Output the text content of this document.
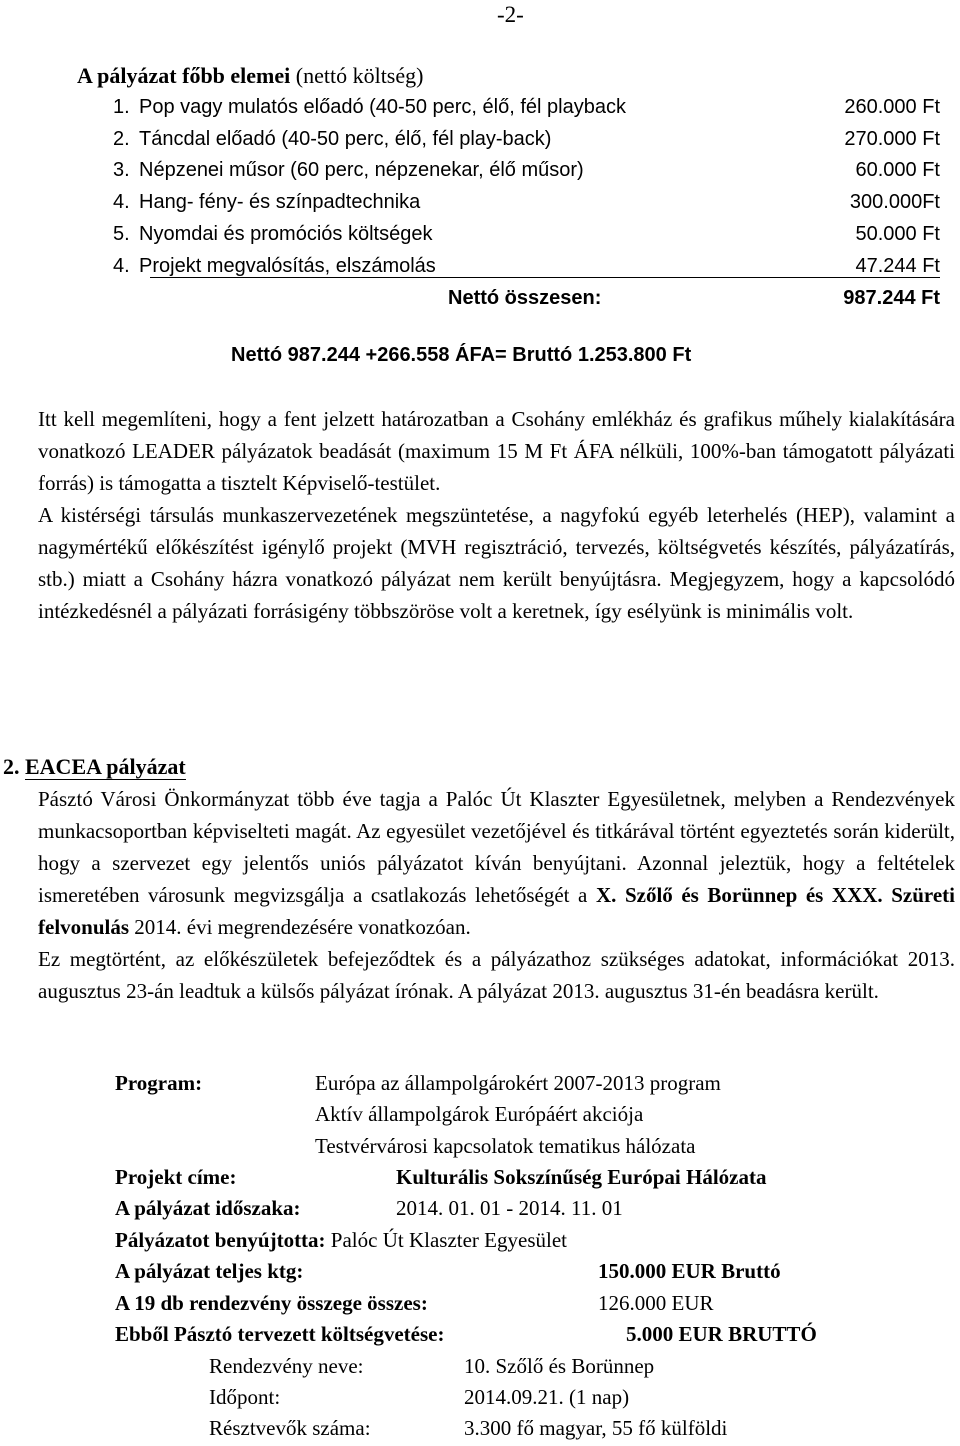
-2-
A pályázat főbb elemei (nettó költség)
1. Pop vagy mulatós előadó (40-50 perc, élő, fél playback	260.000 Ft
2. Táncdal előadó (40-50 perc, élő, fél play-back)	270.000 Ft
3. Népzenei műsor (60 perc, népzenekar, élő műsor)	60.000 Ft
4. Hang- fény- és színpadtechnika	300.000Ft
5. Nyomdai és promóciós költségek	50.000 Ft
4. Projekt megvalósítás, elszámolás	47.244 Ft
Nettó összesen:	987.244 Ft
Nettó 987.244 +266.558 ÁFA= Bruttó 1.253.800 Ft

Itt kell megemlíteni, hogy a fent jelzett határozatban a Csohány emlékház és grafikus műhely kialakítására vonatkozó LEADER pályázatok beadását (maximum 15 M Ft ÁFA nélküli, 100%-ban támogatott pályázati forrás) is támogatta a tisztelt Képviselő-testület.

A kistérségi társulás munkaszervezetének megszüntetése, a nagyfokú egyéb leterhelés (HEP), valamint a nagymértékű előkészítést igénylő projekt (MVH regisztráció, tervezés, költségvetés készítés, pályázatírás, stb.) miatt a Csohány házra vonatkozó pályázat nem került benyújtásra. Megjegyzem, hogy a kapcsolódó intézkedésnél a pályázati forrásigény többszöröse volt a keretnek, így esélyünk is minimális volt.

2. EACEA pályázat

Pásztó Városi Önkormányzat több éve tagja a Palóc Út Klaszter Egyesületnek, melyben a Rendezvények munkacsoportban képviselteti magát. Az egyesület vezetőjével és titkárával történt egyeztetés során kiderült, hogy a szervezet egy jelentős uniós pályázatot kíván benyújtani. Azonnal jeleztük, hogy a feltételek ismeretében városunk megvizsgálja a csatlakozás lehetőségét a X. Szőlő és Borünnep és XXX. Szüreti felvonulás 2014. évi megrendezésére vonatkozóan.

Ez megtörtént, az előkészületek befejeződtek és a pályázathoz szükséges adatokat, információkat 2013. augusztus 23-án leadtuk a külsős pályázat írónak. A pályázat 2013. augusztus 31-én beadásra került.

Program:	Európa az állampolgárokért 2007-2013 program
Aktív állampolgárok Európáért akciója
Testvérvárosi kapcsolatok tematikus hálózata
Projekt címe:	Kulturális Sokszínűség Európai Hálózata
A pályázat időszaka:	2014. 01. 01 - 2014. 11. 01
Pályázatot benyújtotta: Palóc Út Klaszter Egyesület
A pályázat teljes ktg:	150.000 EUR Bruttó
A 19 db rendezvény összege összes:	126.000 EUR
Ebből Pásztó tervezett költségvetése:	5.000 EUR BRUTTÓ
Rendezvény neve:	10. Szőlő és Borünnep
Időpont:	2014.09.21. (1 nap)
Résztvevők száma:	3.300 fő magyar, 55 fő külföldi
